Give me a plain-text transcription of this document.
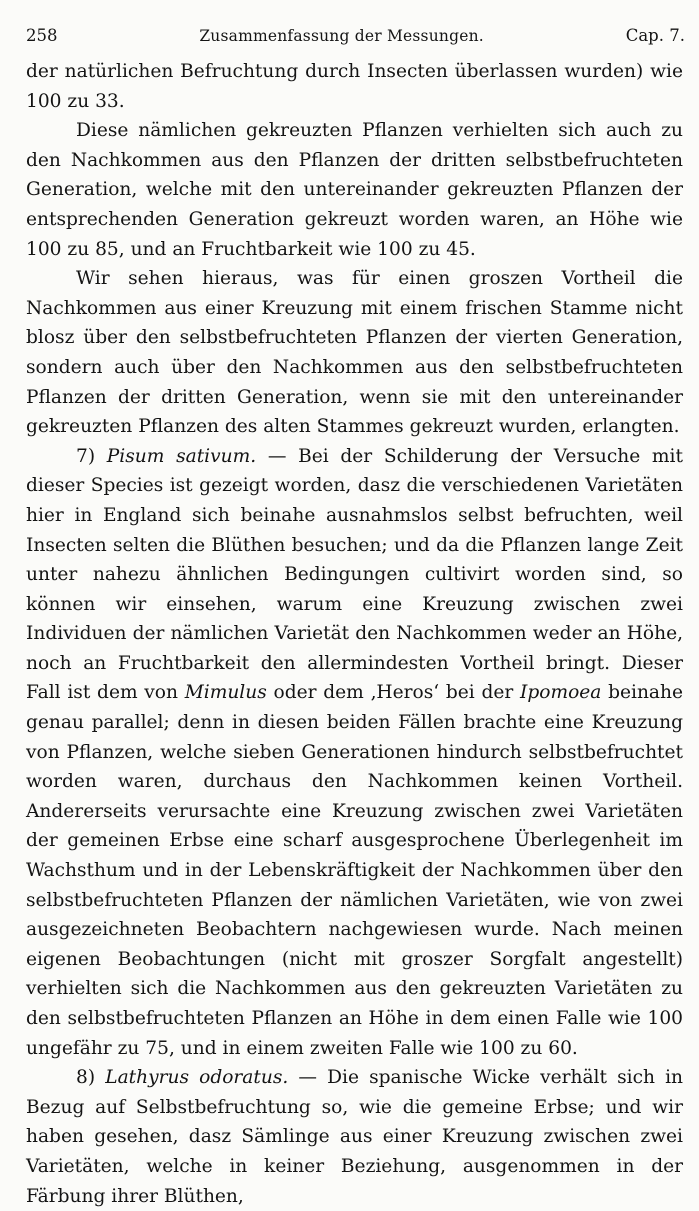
258	Zusammenfassung der Messungen.	Cap. 7.

der natürlichen Befruchtung durch Insecten überlassen wurden) wie 100 zu 33.

Diese nämlichen gekreuzten Pflanzen verhielten sich auch zu den Nachkommen aus den Pflanzen der dritten selbstbefruchteten Generation, welche mit den untereinander gekreuzten Pflanzen der entsprechenden Generation gekreuzt worden waren, an Höhe wie 100 zu 85, und an Fruchtbarkeit wie 100 zu 45.

Wir sehen hieraus, was für einen groszen Vortheil die Nachkommen aus einer Kreuzung mit einem frischen Stamme nicht blosz über den selbstbefruchteten Pflanzen der vierten Generation, sondern auch über den Nachkommen aus den selbstbefruchteten Pflanzen der dritten Generation, wenn sie mit den untereinander gekreuzten Pflanzen des alten Stammes gekreuzt wurden, erlangten.

7) Pisum sativum. — Bei der Schilderung der Versuche mit dieser Species ist gezeigt worden, dasz die verschiedenen Varietäten hier in England sich beinahe ausnahmslos selbst befruchten, weil Insecten selten die Blüthen besuchen; und da die Pflanzen lange Zeit unter nahezu ähnlichen Bedingungen cultivirt worden sind, so können wir einsehen, warum eine Kreuzung zwischen zwei Individuen der nämlichen Varietät den Nachkommen weder an Höhe, noch an Fruchtbarkeit den allermindesten Vortheil bringt. Dieser Fall ist dem von Mimulus oder dem ‚Heros‘ bei der Ipomoea beinahe genau parallel; denn in diesen beiden Fällen brachte eine Kreuzung von Pflanzen, welche sieben Generationen hindurch selbstbefruchtet worden waren, durchaus den Nachkommen keinen Vortheil. Andererseits verursachte eine Kreuzung zwischen zwei Varietäten der gemeinen Erbse eine scharf ausgesprochene Überlegenheit im Wachsthum und in der Lebenskräftigkeit der Nachkommen über den selbstbefruchteten Pflanzen der nämlichen Varietäten, wie von zwei ausgezeichneten Beobachtern nachgewiesen wurde. Nach meinen eigenen Beobachtungen (nicht mit groszer Sorgfalt angestellt) verhielten sich die Nachkommen aus den gekreuzten Varietäten zu den selbstbefruchteten Pflanzen an Höhe in dem einen Falle wie 100 ungefähr zu 75, und in einem zweiten Falle wie 100 zu 60.

8) Lathyrus odoratus. — Die spanische Wicke verhält sich in Bezug auf Selbstbefruchtung so, wie die gemeine Erbse; und wir haben gesehen, dasz Sämlinge aus einer Kreuzung zwischen zwei Varietäten, welche in keiner Beziehung, ausgenommen in der Färbung ihrer Blüthen,
